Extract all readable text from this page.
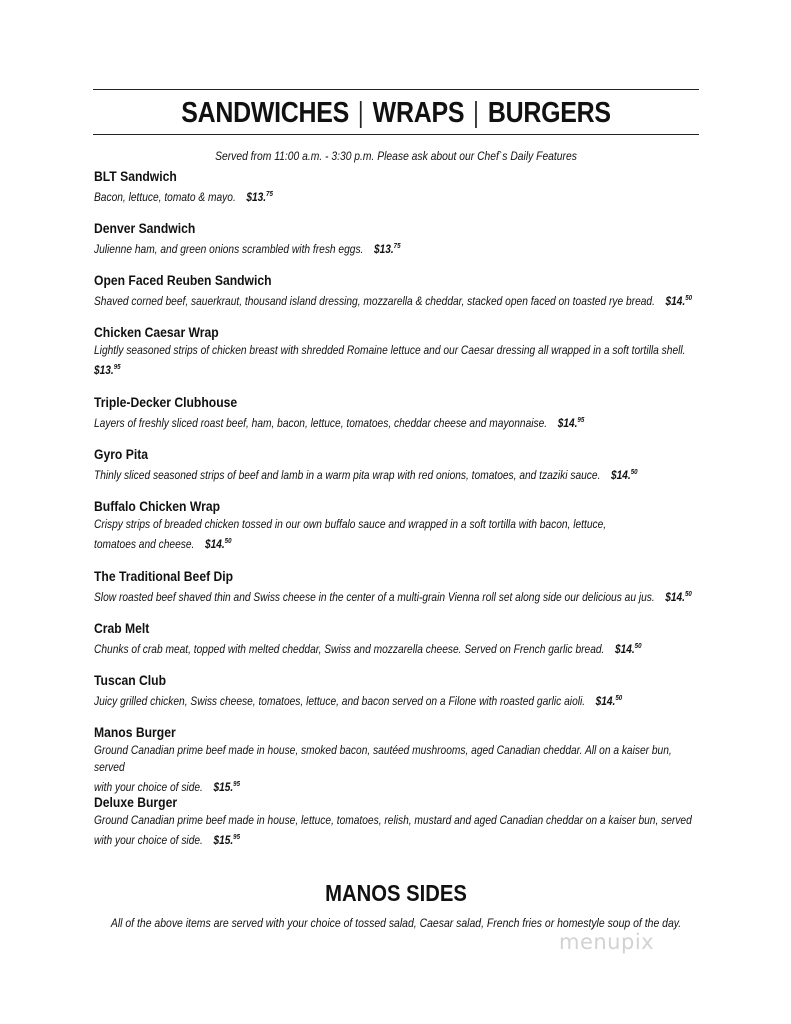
SANDWICHES WRAPS BURGERS
Served from 11:00 a.m. - 3:30 p.m. Please ask about our Chef`s Daily Features
BLT Sandwich
Bacon, lettuce, tomato & mayo. $13.75
Denver Sandwich
Julienne ham, and green onions scrambled with fresh eggs. $13.75
Open Faced Reuben Sandwich
Shaved corned beef, sauerkraut, thousand island dressing, mozzarella & cheddar, stacked open faced on toasted rye bread. $14.50
Chicken Caesar Wrap
Lightly seasoned strips of chicken breast with shredded Romaine lettuce and our Caesar dressing all wrapped in a soft tortilla shell.
$13.95
Triple-Decker Clubhouse
Layers of freshly sliced roast beef, ham, bacon, lettuce, tomatoes, cheddar cheese and mayonnaise. $14.95
Gyro Pita
Thinly sliced seasoned strips of beef and lamb in a warm pita wrap with red onions, tomatoes, and tzaziki sauce. $14.50
Buffalo Chicken Wrap
Crispy strips of breaded chicken tossed in our own buffalo sauce and wrapped in a soft tortilla with bacon, lettuce,
tomatoes and cheese. $14.50
The Traditional Beef Dip
Slow roasted beef shaved thin and Swiss cheese in the center of a multi-grain Vienna roll set along side our delicious au jus. $14.50
Crab Melt
Chunks of crab meat, topped with melted cheddar, Swiss and mozzarella cheese. Served on French garlic bread. $14.50
Tuscan Club
Juicy grilled chicken, Swiss cheese, tomatoes, lettuce, and bacon served on a Filone with roasted garlic aioli. $14.50
Manos Burger
Ground Canadian prime beef made in house, smoked bacon, sautéed mushrooms, aged Canadian cheddar. All on a kaiser bun, served
with your choice of side. $15.95
Deluxe Burger
Ground Canadian prime beef made in house, lettuce, tomatoes, relish, mustard and aged Canadian cheddar on a kaiser bun, served
with your choice of side. $15.95
MANOS SIDES
All of the above items are served with your choice of tossed salad, Caesar salad, French fries or homestyle soup of the day.
menupix
